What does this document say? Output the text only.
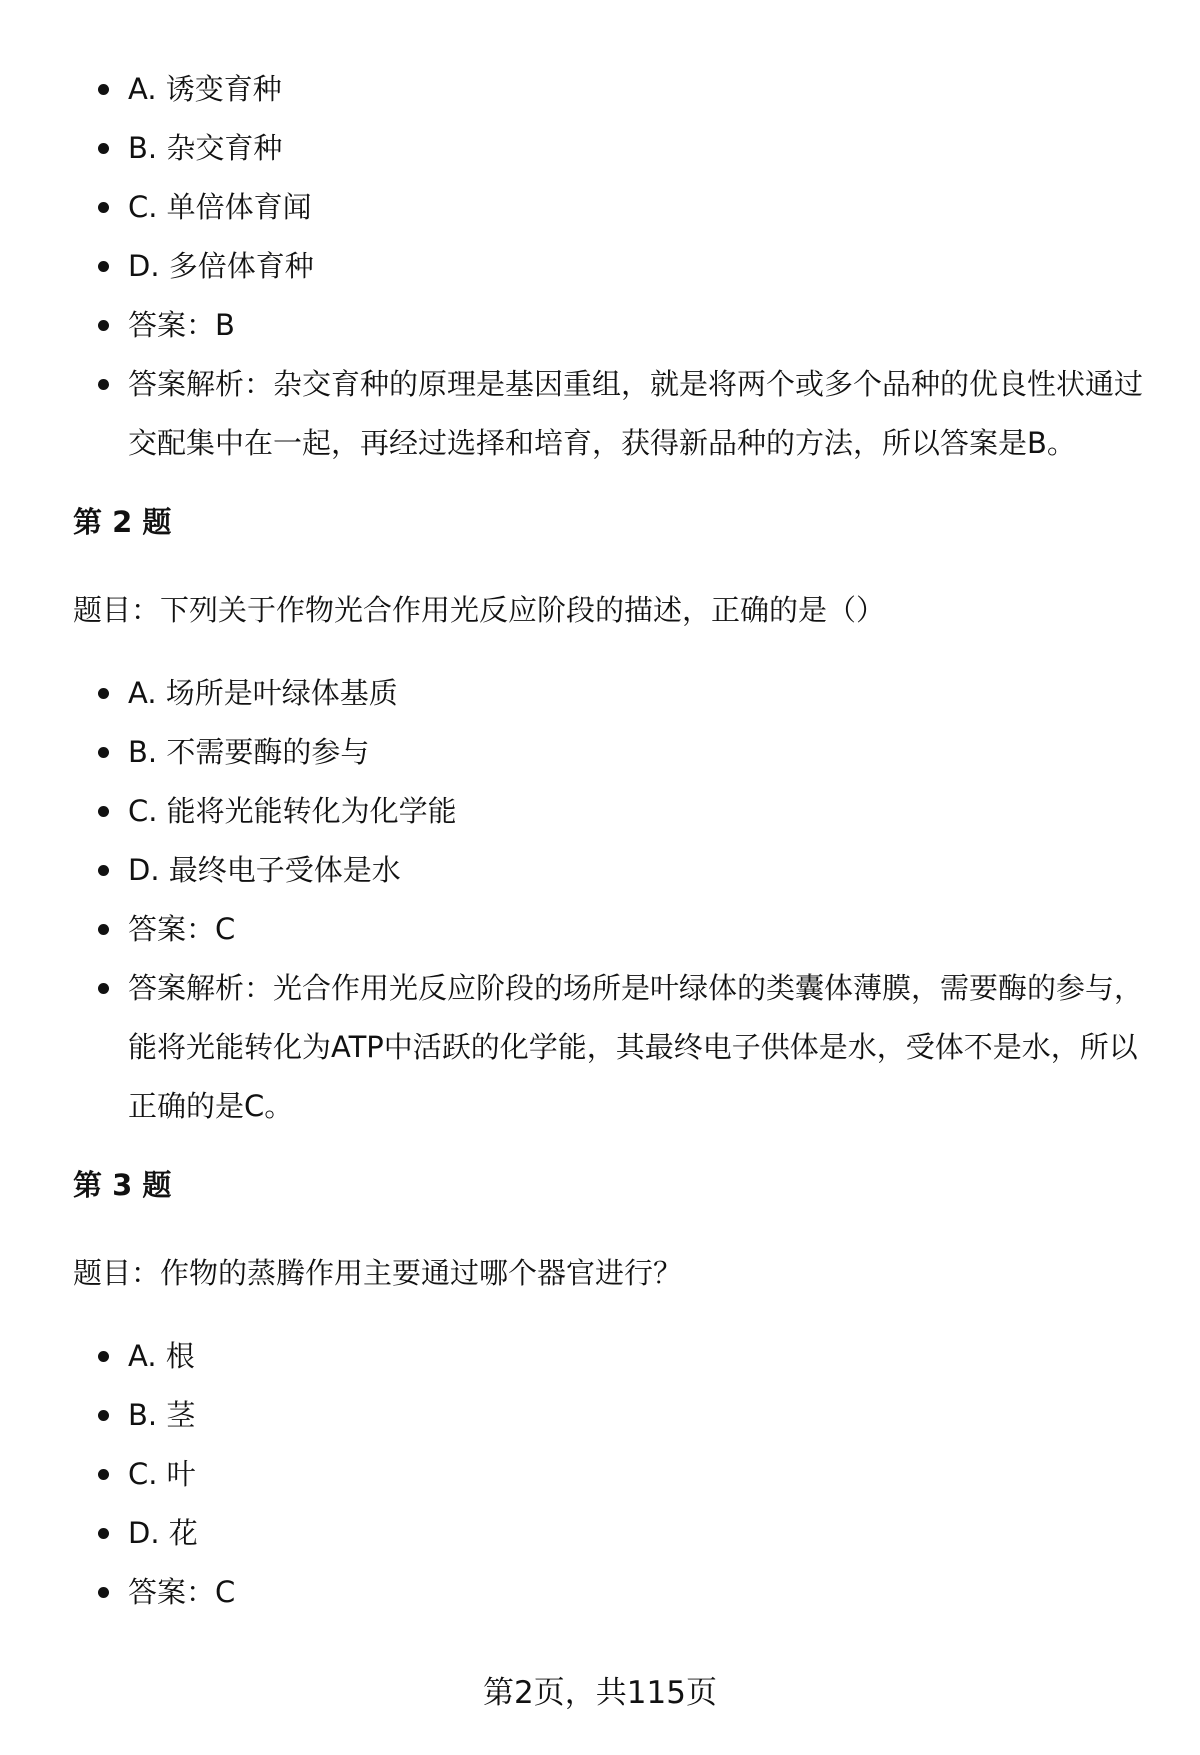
A. 诱变育种
B. 杂交育种
C. 单倍体育闻
D. 多倍体育种
答案：B
答案解析：杂交育种的原理是基因重组，就是将两个或多个品种的优良性状通过交配集中在一起，再经过选择和培育，获得新品种的方法，所以答案是B。

第 2 题

题目：下列关于作物光合作用光反应阶段的描述，正确的是（）

A. 场所是叶绿体基质
B. 不需要酶的参与
C. 能将光能转化为化学能
D. 最终电子受体是水
答案：C
答案解析：光合作用光反应阶段的场所是叶绿体的类囊体薄膜，需要酶的参与，能将光能转化为ATP中活跃的化学能，其最终电子供体是水，受体不是水，所以正确的是C。

第 3 题

题目：作物的蒸腾作用主要通过哪个器官进行？

A. 根
B. 茎
C. 叶
D. 花
答案：C
第2页，共115页
